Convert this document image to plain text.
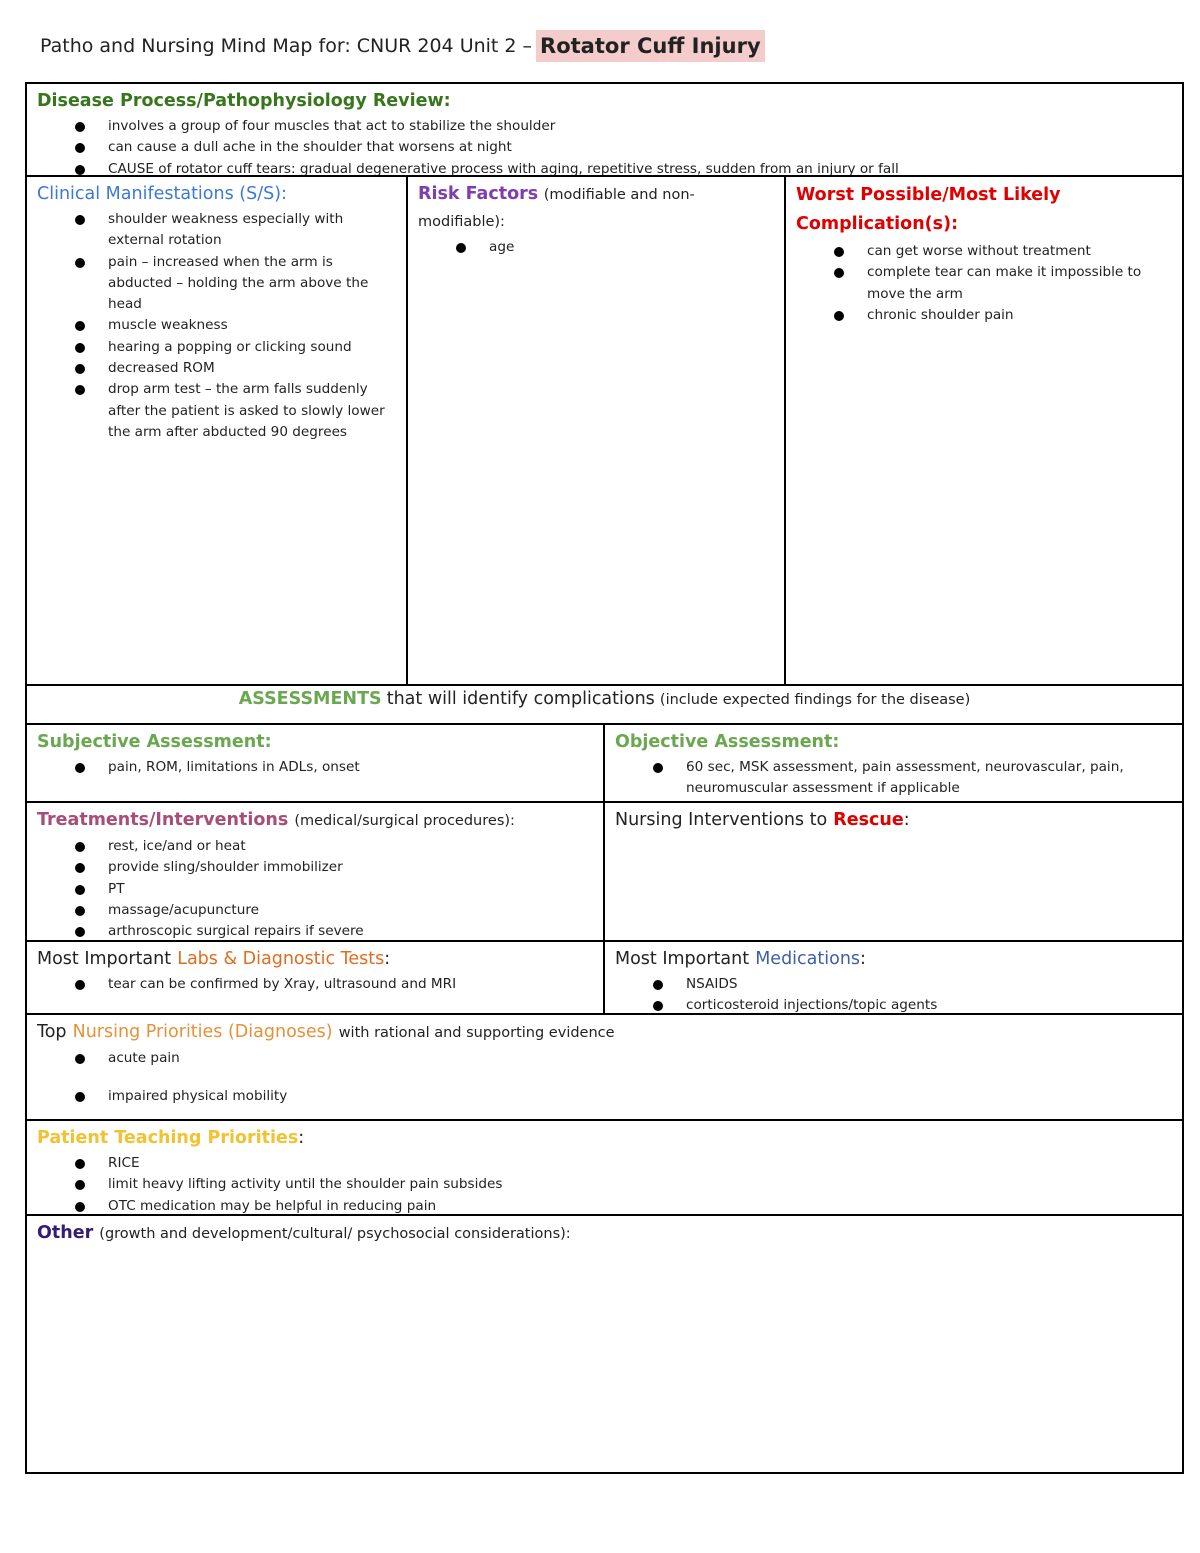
Patho and Nursing Mind Map for: CNUR 204 Unit 2 – Rotator Cuff Injury
Disease Process/Pathophysiology Review:
involves a group of four muscles that act to stabilize the shoulder
can cause a dull ache in the shoulder that worsens at night
CAUSE of rotator cuff tears: gradual degenerative process with aging, repetitive stress, sudden from an injury or fall
Clinical Manifestations (S/S):
shoulder weakness especially with external rotation
pain – increased when the arm is abducted – holding the arm above the head
muscle weakness
hearing a popping or clicking sound
decreased ROM
drop arm test – the arm falls suddenly after the patient is asked to slowly lower the arm after abducted 90 degrees
Risk Factors (modifiable and non-modifiable):
age
Worst Possible/Most Likely Complication(s):
can get worse without treatment
complete tear can make it impossible to move the arm
chronic shoulder pain
ASSESSMENTS that will identify complications (include expected findings for the disease)
Subjective Assessment:
pain, ROM, limitations in ADLs, onset
Objective Assessment:
60 sec, MSK assessment, pain assessment, neurovascular, pain, neuromuscular assessment if applicable
Treatments/Interventions (medical/surgical procedures):
rest, ice/and or heat
provide sling/shoulder immobilizer
PT
massage/acupuncture
arthroscopic surgical repairs if severe
Nursing Interventions to Rescue:
Most Important Labs & Diagnostic Tests:
tear can be confirmed by Xray, ultrasound and MRI
Most Important Medications:
NSAIDS
corticosteroid injections/topic agents
Top Nursing Priorities (Diagnoses) with rational and supporting evidence
acute pain
impaired physical mobility
Patient Teaching Priorities:
RICE
limit heavy lifting activity until the shoulder pain subsides
OTC medication may be helpful in reducing pain
Other (growth and development/cultural/ psychosocial considerations):
